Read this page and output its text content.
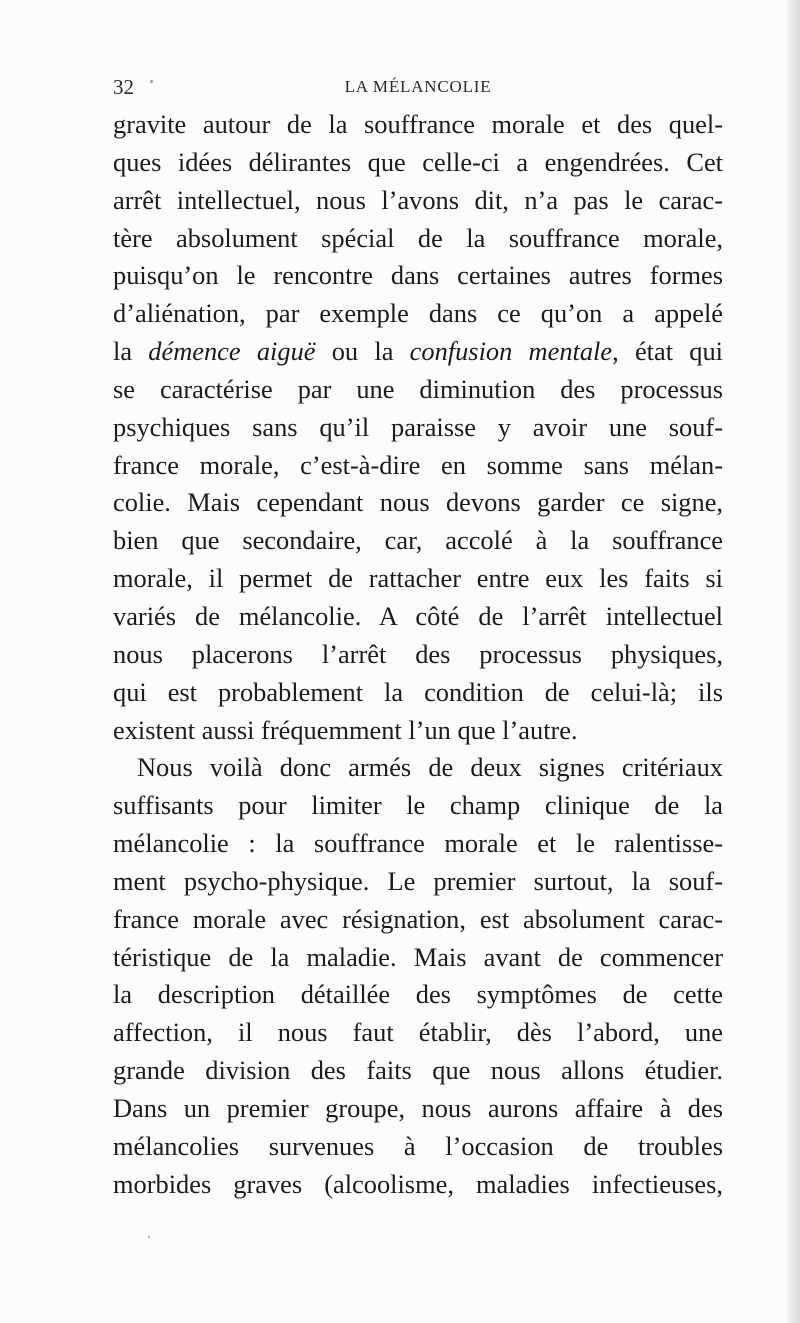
32	LA MÉLANCOLIE
gravite autour de la souffrance morale et des quel-
ques idées délirantes que celle-ci a engendrées. Cet
arrêt intellectuel, nous l’avons dit, n’a pas le carac-
tère absolument spécial de la souffrance morale,
puisqu’on le rencontre dans certaines autres formes
d’aliénation, par exemple dans ce qu’on a appelé
la démence aiguë ou la confusion mentale, état qui
se caractérise par une diminution des processus
psychiques sans qu’il paraisse y avoir une souf-
france morale, c’est-à-dire en somme sans mélan-
colie. Mais cependant nous devons garder ce signe,
bien que secondaire, car, accolé à la souffrance
morale, il permet de rattacher entre eux les faits si
variés de mélancolie. A côté de l’arrêt intellectuel
nous placerons l’arrêt des processus physiques,
qui est probablement la condition de celui-là; ils
existent aussi fréquemment l’un que l’autre.
Nous voilà donc armés de deux signes critériaux
suffisants pour limiter le champ clinique de la
mélancolie : la souffrance morale et le ralentisse-
ment psycho-physique. Le premier surtout, la souf-
france morale avec résignation, est absolument carac-
téristique de la maladie. Mais avant de commencer
la description détaillée des symptômes de cette
affection, il nous faut établir, dès l’abord, une
grande division des faits que nous allons étudier.
Dans un premier groupe, nous aurons affaire à des
mélancolies survenues à l’occasion de troubles
morbides graves (alcoolisme, maladies infectieuses,
